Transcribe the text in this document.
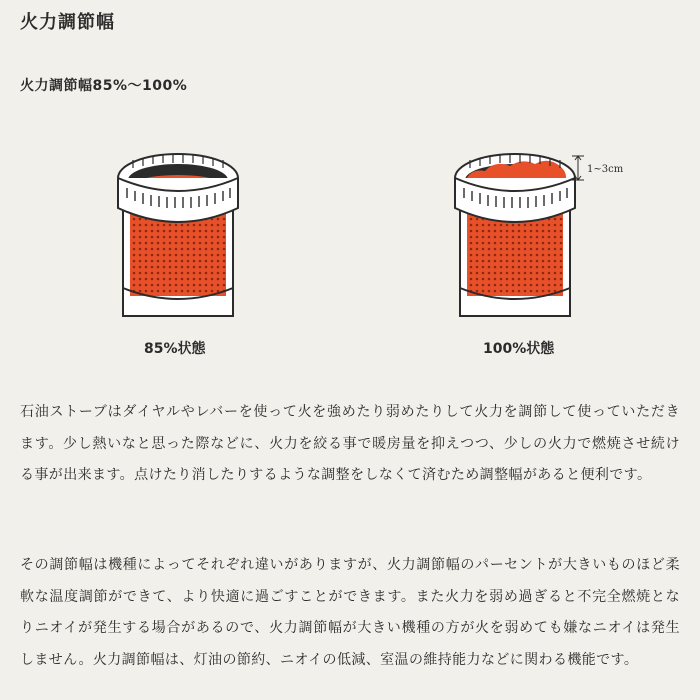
火力調節幅
火力調節幅85%～100%
85%状態
1~3cm
100%状態
石油ストーブはダイヤルやレバーを使って火を強めたり弱めたりして火力を調節して使っていただきます。少し熱いなと思った際などに、火力を絞る事で暖房量を抑えつつ、少しの火力で燃焼させ続ける事が出来ます。点けたり消したりするような調整をしなくて済むため調整幅があると便利です。
その調節幅は機種によってそれぞれ違いがありますが、火力調節幅のパーセントが大きいものほど柔軟な温度調節ができて、より快適に過ごすことができます。また火力を弱め過ぎると不完全燃焼となりニオイが発生する場合があるので、火力調節幅が大きい機種の方が火を弱めても嫌なニオイは発生しません。火力調節幅は、灯油の節約、ニオイの低減、室温の維持能力などに関わる機能です。
